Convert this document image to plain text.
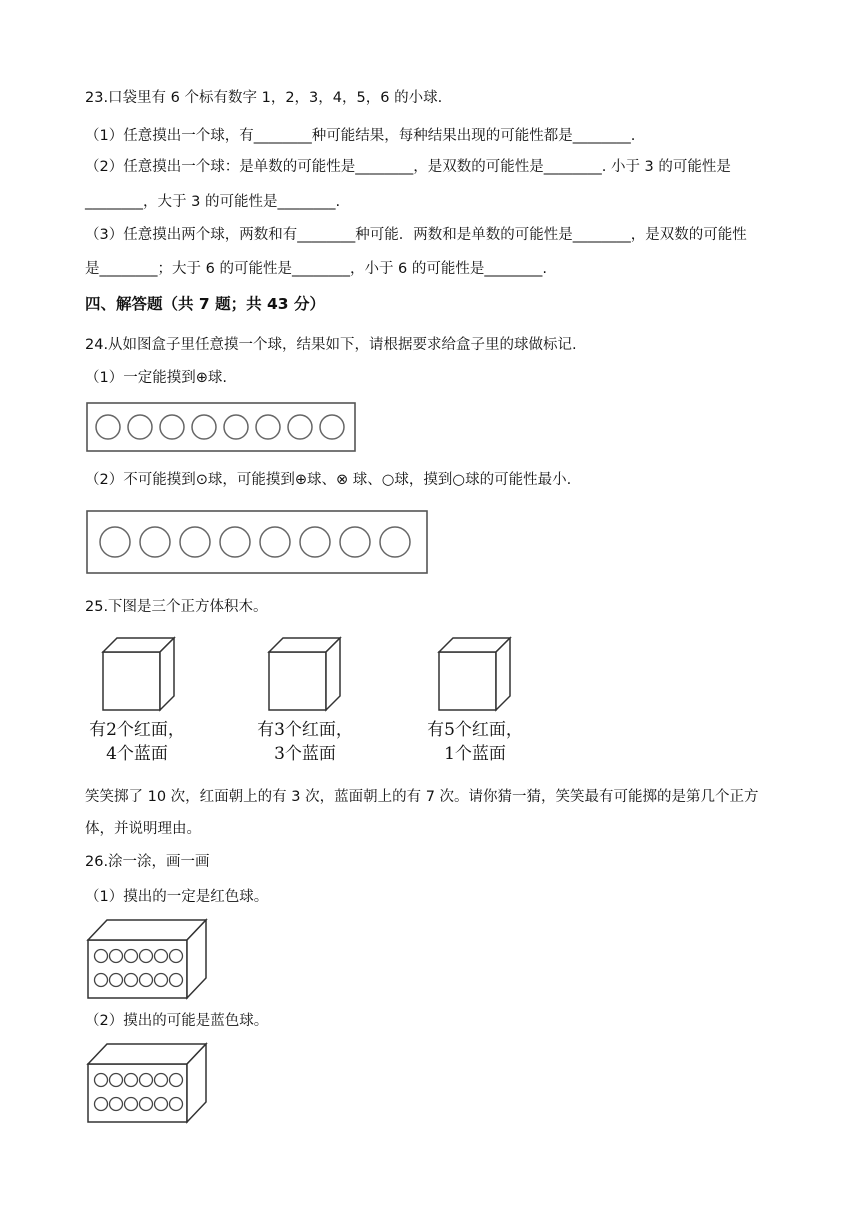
23.口袋里有 6 个标有数字 1，2，3，4，5，6 的小球.
（1）任意摸出一个球，有________种可能结果，每种结果出现的可能性都是________.
（2）任意摸出一个球：是单数的可能性是________，是双数的可能性是________. 小于 3 的可能性是
________，大于 3 的可能性是________.
（3）任意摸出两个球，两数和有________种可能．两数和是单数的可能性是________，是双数的可能性
是________；大于 6 的可能性是________，小于 6 的可能性是________.
四、解答题（共 7 题；共 43 分）
24.从如图盒子里任意摸一个球，结果如下，请根据要求给盒子里的球做标记.
（1）一定能摸到⊕球.
（2）不可能摸到⊙球，可能摸到⊕球、⊗ 球、○球，摸到○球的可能性最小.
25.下图是三个正方体积木。
有2个红面，
4个蓝面
有3个红面，
3个蓝面
有5个红面，
1个蓝面
笑笑掷了 10 次，红面朝上的有 3 次，蓝面朝上的有 7 次。请你猜一猜，笑笑最有可能掷的是第几个正方
体，并说明理由。
26.涂一涂，画一画
（1）摸出的一定是红色球。
（2）摸出的可能是蓝色球。
